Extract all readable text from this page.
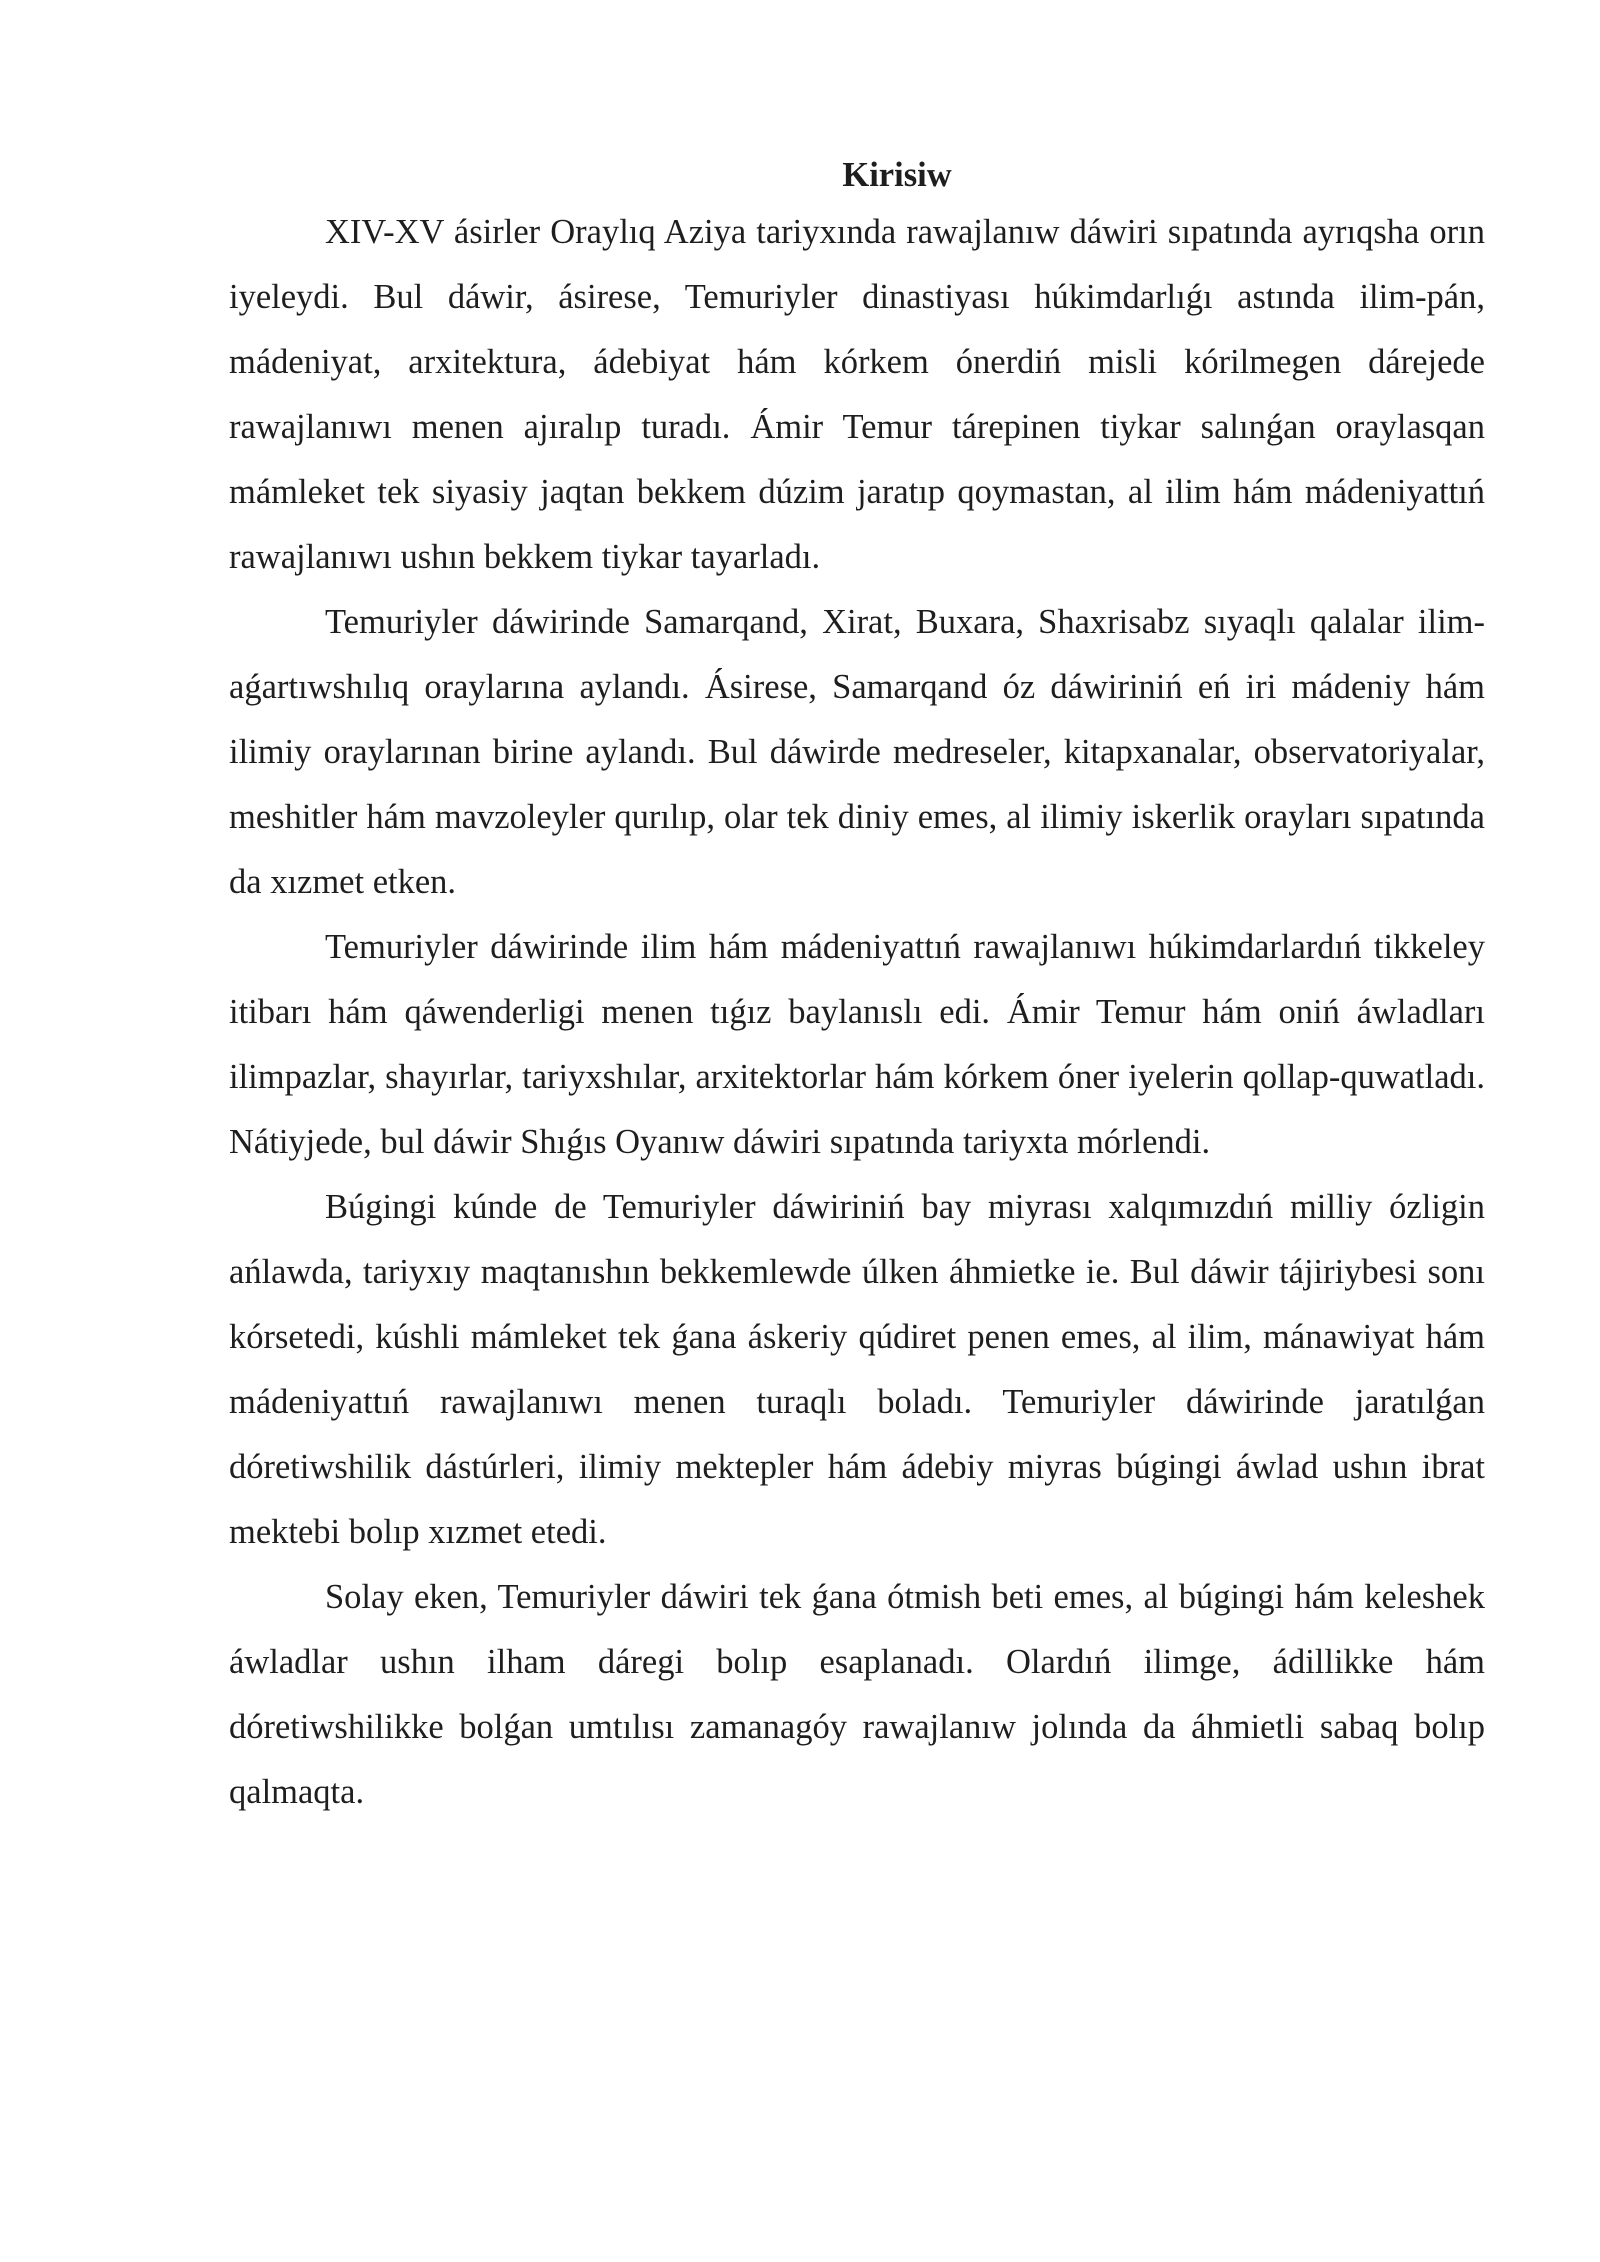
Kirisiw

XIV-XV ásirler Oraylıq Aziya tariyxında rawajlanıw dáwiri sıpatında ayrıqsha orın iyeleydi. Bul dáwir, ásirese, Temuriyler dinastiyası húkimdarlıǵı astında ilim-pán, mádeniyat, arxitektura, ádebiyat hám kórkem ónerdiń misli kórilmegen dárejede rawajlanıwı menen ajıralıp turadı. Ámir Temur tárepinen tiykar salınǵan oraylasqan mámleket tek siyasiy jaqtan bekkem dúzim jaratıp qoymastan, al ilim hám mádeniyattıń rawajlanıwı ushın bekkem tiykar tayarladı.

Temuriyler dáwirinde Samarqand, Xirat, Buxara, Shaxrisabz sıyaqlı qalalar ilim-aǵartıwshılıq oraylarına aylandı. Ásirese, Samarqand óz dáwiriniń eń iri mádeniy hám ilimiy oraylarınan birine aylandı. Bul dáwirde medreseler, kitapxanalar, observatoriyalar, meshitler hám mavzoleyler qurılıp, olar tek diniy emes, al ilimiy iskerlik orayları sıpatında da xızmet etken.

Temuriyler dáwirinde ilim hám mádeniyattıń rawajlanıwı húkimdarlardıń tikkeley itibarı hám qáwenderligi menen tıǵız baylanıslı edi. Ámir Temur hám oniń áwladları ilimpazlar, shayırlar, tariyxshılar, arxitektorlar hám kórkem óner iyelerin qollap-quwatladı. Nátiyjede, bul dáwir Shıǵıs Oyanıw dáwiri sıpatında tariyxta mórlendi.

Búgingi kúnde de Temuriyler dáwiriniń bay miyrası xalqımızdıń milliy ózligin ańlawda, tariyxıy maqtanıshın bekkemlewde úlken áhmietke ie. Bul dáwir tájiriybesi sonı kórsetedi, kúshli mámleket tek ǵana áskeriy qúdiret penen emes, al ilim, mánawiyat hám mádeniyattıń rawajlanıwı menen turaqlı boladı. Temuriyler dáwirinde jaratılǵan dóretiwshilik dástúrleri, ilimiy mektepler hám ádebiy miyras búgingi áwlad ushın ibrat mektebi bolıp xızmet etedi.

Solay eken, Temuriyler dáwiri tek ǵana ótmish beti emes, al búgingi hám keleshek áwladlar ushın ilham dáregi bolıp esaplanadı. Olardıń ilimge, ádillikke hám dóretiwshilikke bolǵan umtılısı zamanagóy rawajlanıw jolında da áhmietli sabaq bolıp qalmaqta.
